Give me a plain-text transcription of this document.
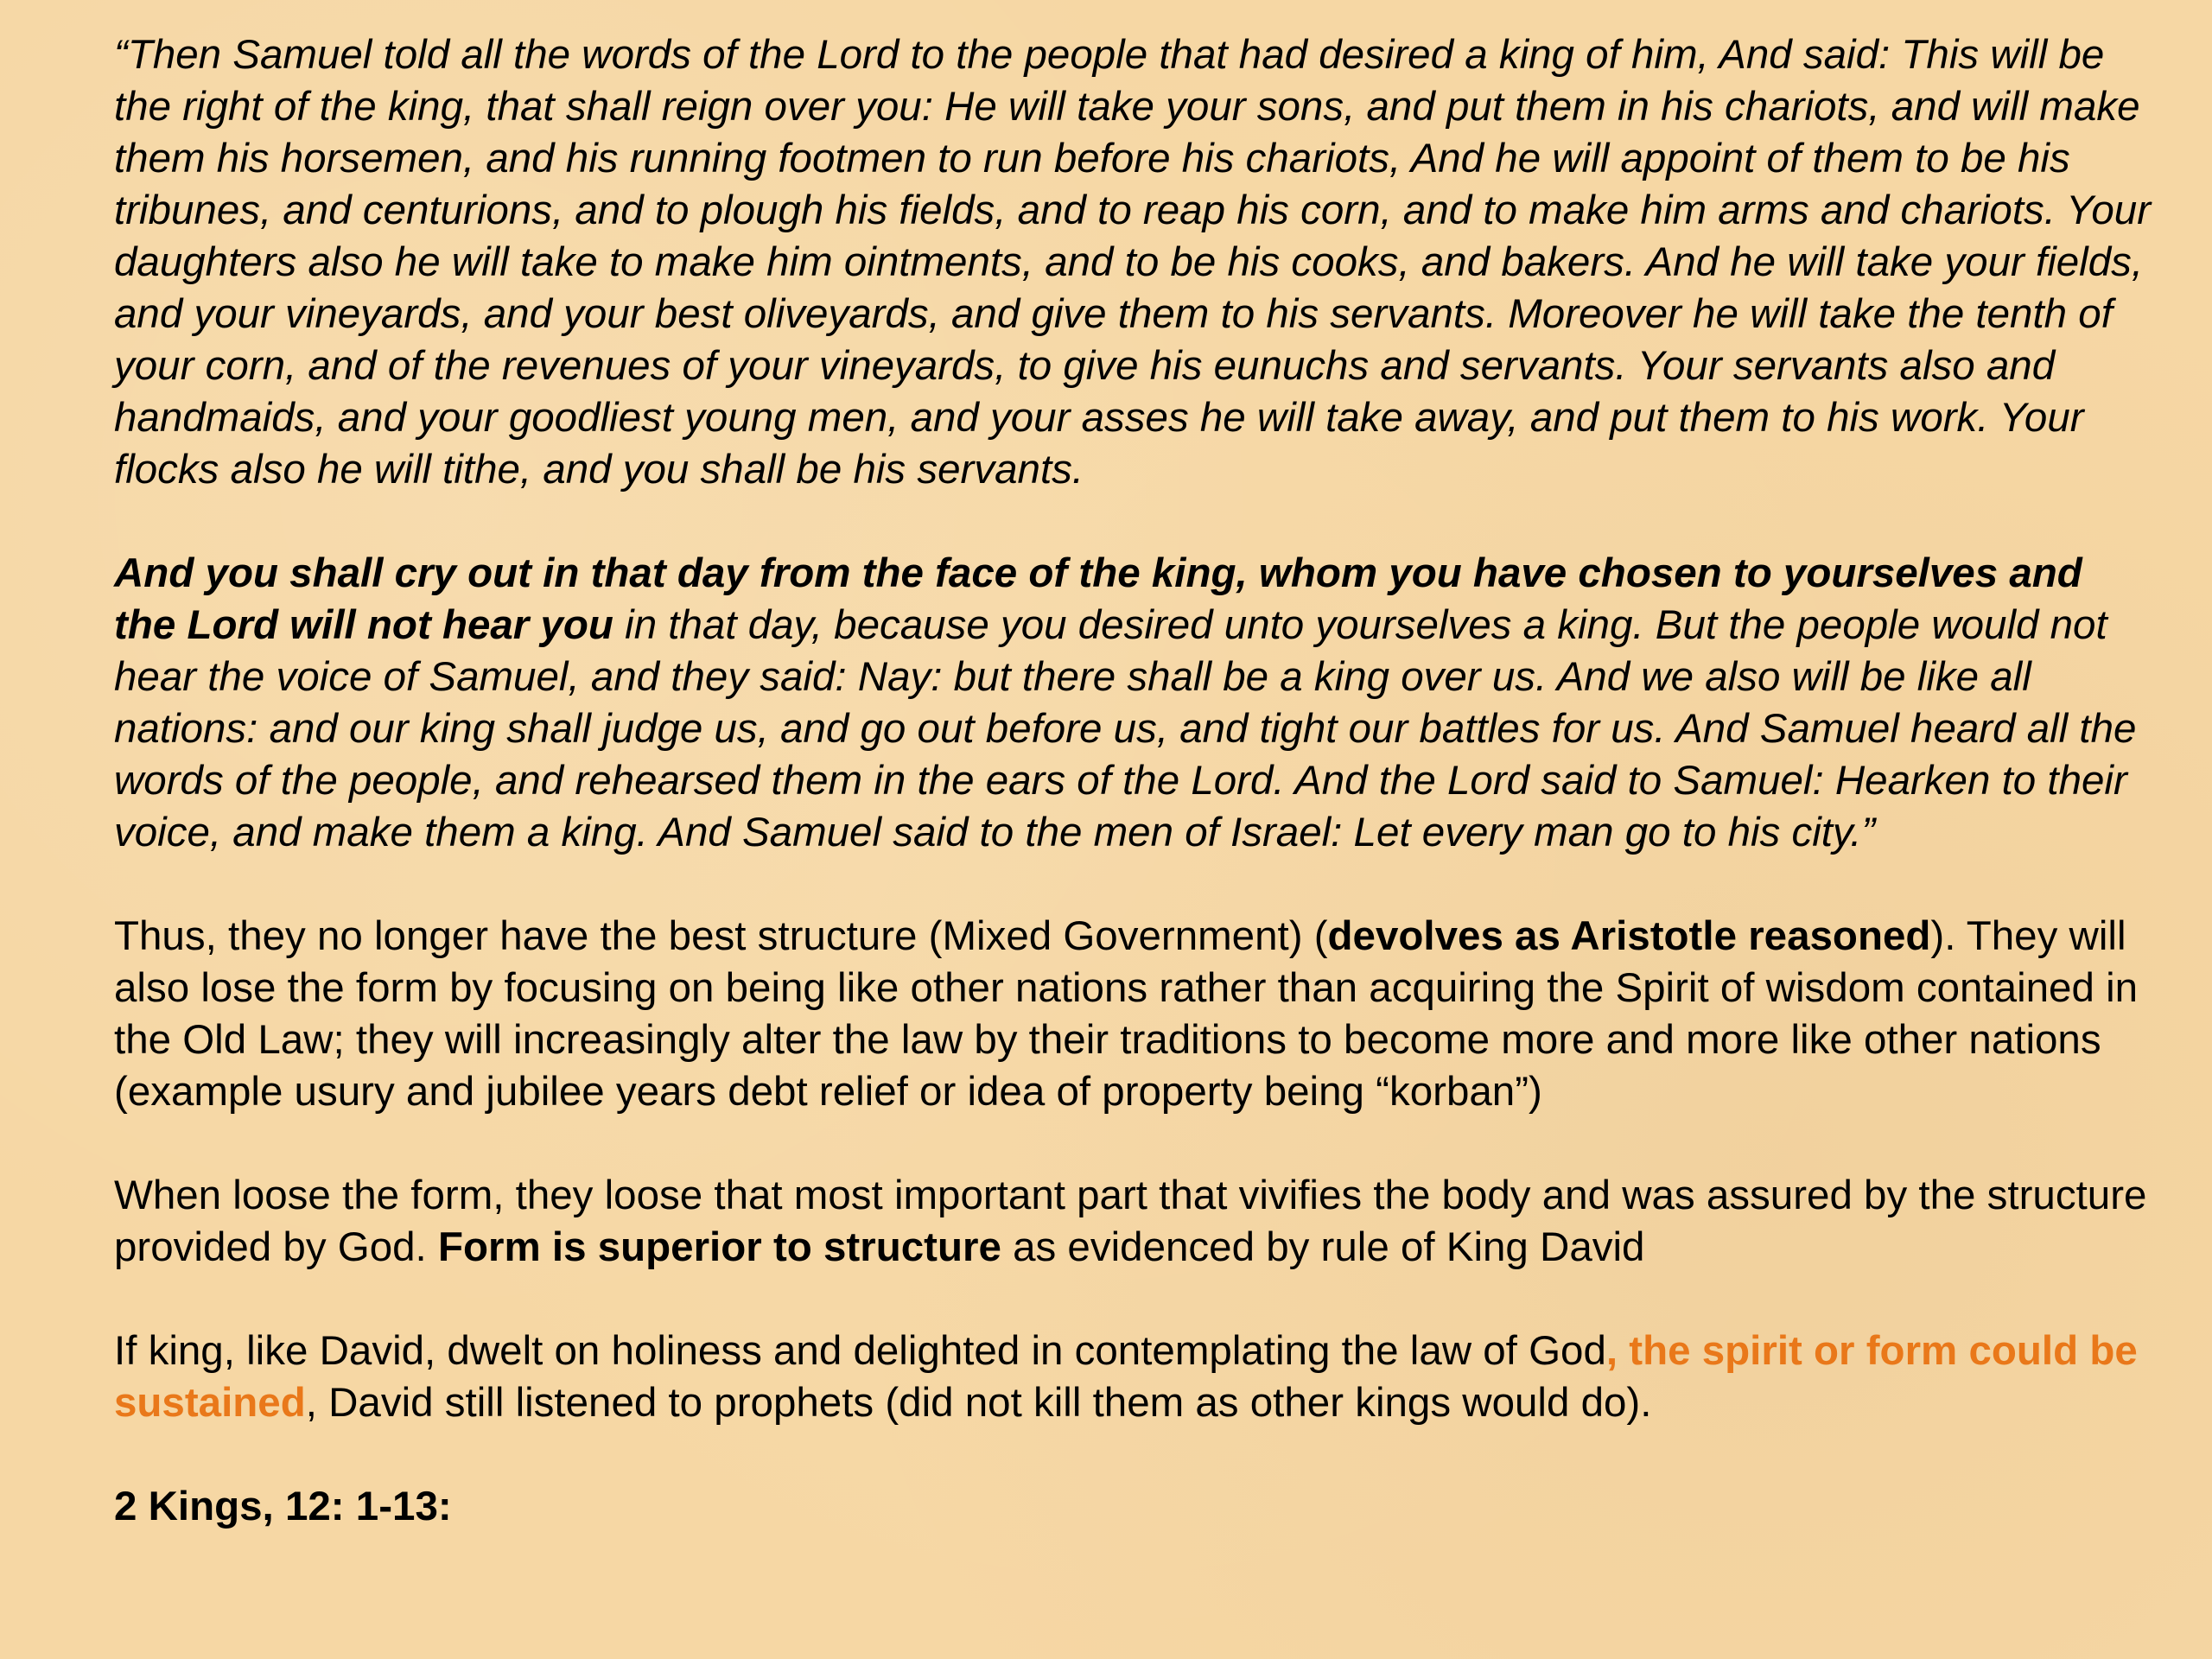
“Then Samuel told all the words of the Lord to the people that had desired a king of him, And said: This will be the right of the king, that shall reign over you: He will take your sons, and put them in his chariots, and will make them his horsemen, and his running footmen to run before his chariots, And he will appoint of them to be his tribunes, and centurions, and to plough his fields, and to reap his corn, and to make him arms and chariots. Your daughters also he will take to make him ointments, and to be his cooks, and bakers. And he will take your fields, and your vineyards, and your best oliveyards, and give them to his servants. Moreover he will take the tenth of your corn, and of the revenues of your vineyards, to give his eunuchs and servants. Your servants also and handmaids, and your goodliest young men, and your asses he will take away, and put them to his work. Your flocks also he will tithe, and you shall be his servants.

And you shall cry out in that day from the face of the king, whom you have chosen to yourselves and the Lord will not hear you in that day, because you desired unto yourselves a king. But the people would not hear the voice of Samuel, and they said: Nay: but there shall be a king over us. And we also will be like all nations: and our king shall judge us, and go out before us, and tight our battles for us. And Samuel heard all the words of the people, and rehearsed them in the ears of the Lord. And the Lord said to Samuel: Hearken to their voice, and make them a king. And Samuel said to the men of Israel: Let every man go to his city.”

Thus, they no longer have the best structure (Mixed Government) (devolves as Aristotle reasoned). They will also lose the form by focusing on being like other nations rather than acquiring the Spirit of wisdom contained in the Old Law; they will increasingly alter the law by their traditions to become more and more like other nations (example usury and jubilee years debt relief or idea of property being “korban”)

When loose the form, they loose that most important part that vivifies the body and was assured by the structure provided by God. Form is superior to structure as evidenced by rule of King David

If king, like David, dwelt on holiness and delighted in contemplating the law of God, the spirit or form could be sustained, David still listened to prophets (did not kill them as other kings would do).

2 Kings, 12: 1-13:
